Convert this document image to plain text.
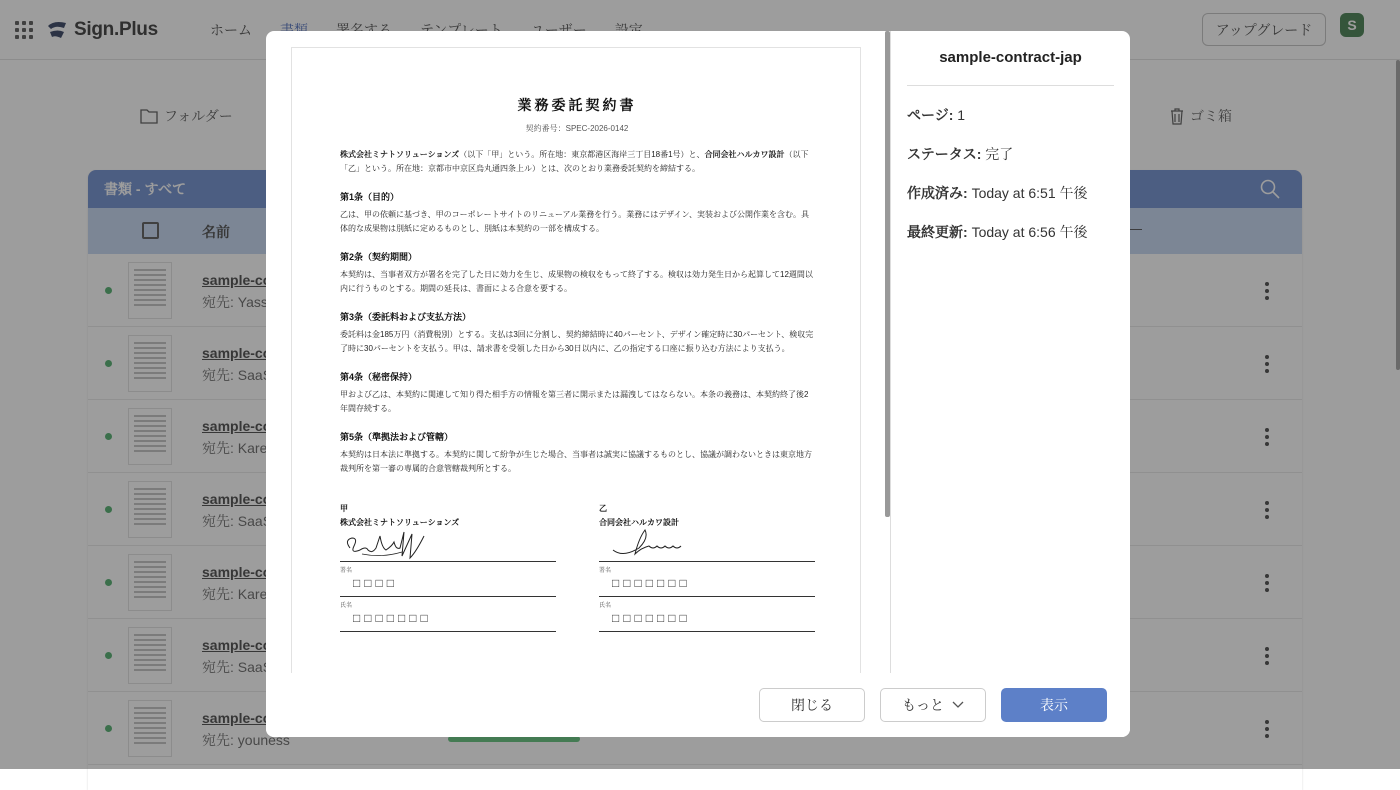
業務委託契約書
契約番号：SPEC-2026-0142
株式会社ミナトソリューションズ（以下「甲」という。所在地：東京都港区海岸三丁目18番1号）と、合同会社ハルカワ設計（以下「乙」という。所在地：京都市中京区烏丸通四条上ル）とは、次のとおり業務委託契約を締結する。
第1条（目的）
乙は、甲の依頼に基づき、甲のコーポレートサイトのリニューアル業務を行う。業務にはデザイン、実装および公開作業を含む。具体的な成果物は別紙に定めるものとし、別紙は本契約の一部を構成する。
第2条（契約期間）
本契約は、当事者双方が署名を完了した日に効力を生じ、成果物の検収をもって終了する。検収は効力発生日から起算して12週間以内に行うものとする。期間の延長は、書面による合意を要する。
第3条（委託料および支払方法）
委託料は金185万円（消費税別）とする。支払は3回に分割し、契約締結時に40パーセント、デザイン確定時に30パーセント、検収完了時に30パーセントを支払う。甲は、請求書を受領した日から30日以内に、乙の指定する口座に振り込む方法により支払う。
第4条（秘密保持）
甲および乙は、本契約に関連して知り得た相手方の情報を第三者に開示または漏洩してはならない。本条の義務は、本契約終了後2年間存続する。
第5条（準拠法および管轄）
本契約は日本法に準拠する。本契約に関して紛争が生じた場合、当事者は誠実に協議するものとし、協議が調わないときは東京地方裁判所を第一審の専属的合意管轄裁判所とする。
甲
株式会社ミナトソリューションズ
署名
□□□□
氏名
□□□□□□□
乙
合同会社ハルカワ設計
署名
□□□□□□□
氏名
□□□□□□□
sample-contract-jap
ページ: 1
ステータス: 完了
作成済み: Today at 6:51 午後
最終更新: Today at 6:56 午後
閉じる	もっと	表示
